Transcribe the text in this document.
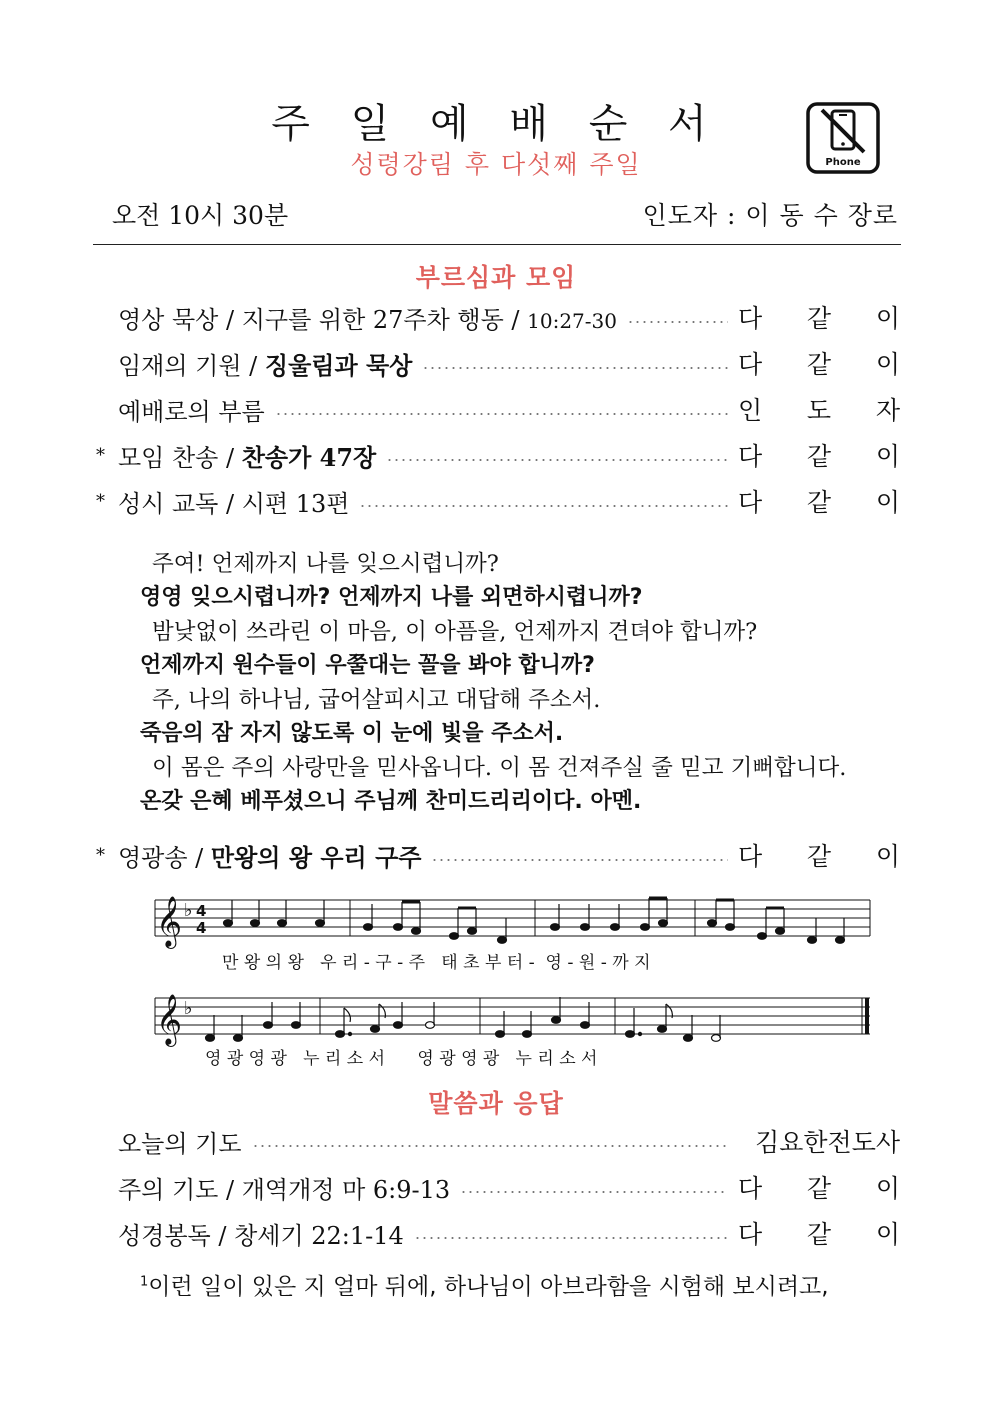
주 일 예 배 순 서
성령강림 후 다섯째 주일	Phone
오전 10시 30분	인도자 : 이 동 수 장로
부르심과 모임
영상 묵상 / 지구를 위한 27주차 행동 / 10:27-30	다 같 이
임재의 기원 / 징울림과 묵상	다 같 이
예배로의 부름	인 도 자
* 모임 찬송 / 찬송가 47장	다 같 이
* 성시 교독 / 시편 13편	다 같 이
주여! 언제까지 나를 잊으시렵니까?
영영 잊으시렵니까? 언제까지 나를 외면하시렵니까?
밤낮없이 쓰라린 이 마음, 이 아픔을, 언제까지 견뎌야 합니까?
언제까지 원수들이 우쭐대는 꼴을 봐야 합니까?
주, 나의 하나님, 굽어살피시고 대답해 주소서.
죽음의 잠 자지 않도록 이 눈에 빛을 주소서.
이 몸은 주의 사랑만을 믿사옵니다. 이 몸 건져주실 줄 믿고 기뻐합니다.
온갖 은혜 베푸셨으니 주님께 찬미드리리이다. 아멘.
* 영광송 / 만왕의 왕 우리 구주	다 같 이
𝄞 ♭ 4
4
만 왕 의 왕   우 리 - 구 - 주   태 초 부 터 -  영 - 원 - 까 지
𝄞 ♭
영 광 영 광   누 리 소 서      영 광 영 광   누 리 소 서
말씀과 응답
오늘의 기도	김요한전도사
주의 기도 / 개역개정 마 6:9-13	다 같 이
성경봉독 / 창세기 22:1-14	다 같 이
$^1$이런 일이 있은 지 얼마 뒤에, 하나님이 아브라함을 시험해 보시려고,
